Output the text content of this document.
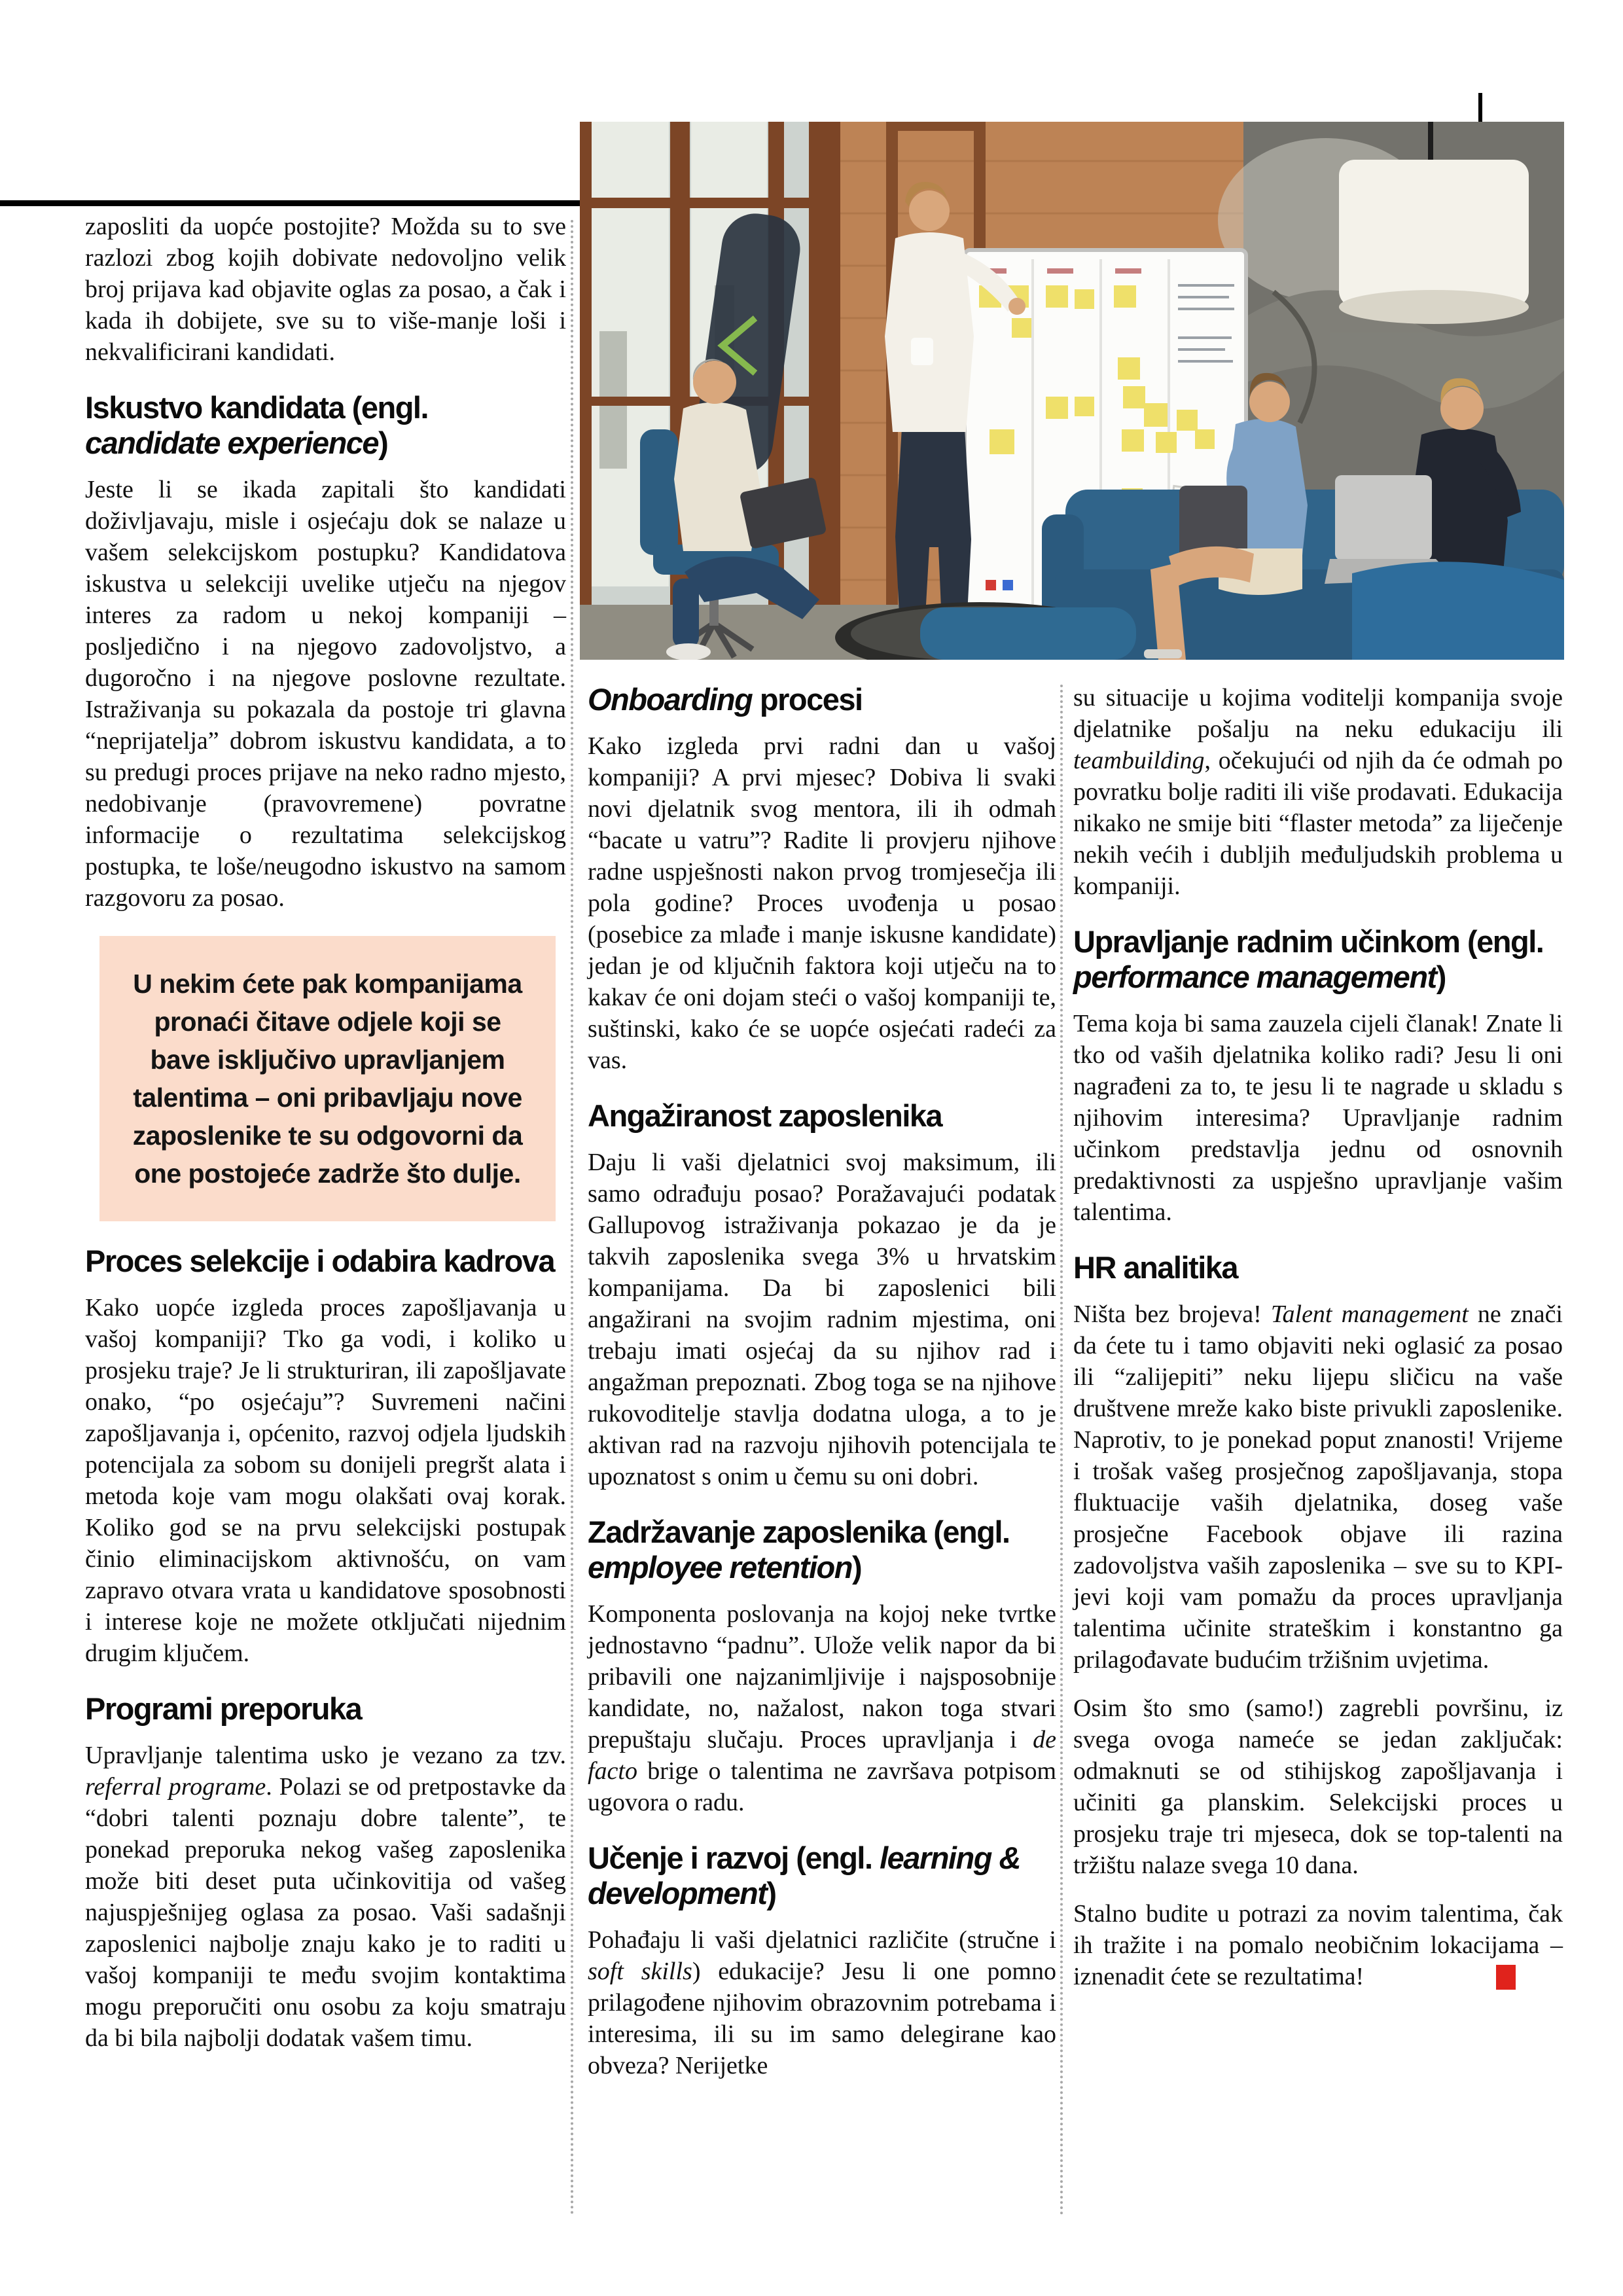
zaposliti da uopće postojite? Možda su to sve razlozi zbog kojih dobivate nedovoljno velik broj prijava kad objavite oglas za posao, a čak i kada ih dobijete, sve su to više-manje loši i nekvalificirani kandidati.

Iskustvo kandidata (engl. candidate experience)

Jeste li se ikada zapitali što kandidati doživljavaju, misle i osjećaju dok se nalaze u vašem selekcijskom postupku? Kandidatova iskustva u selekciji uvelike utječu na njegov interes za radom u nekoj kompaniji – posljedično i na njegovo zadovoljstvo, a dugoročno i na njegove poslovne rezultate. Istraživanja su pokazala da postoje tri glavna “neprijatelja” dobrom iskustvu kandidata, a to su predugi proces prijave na neko radno mjesto, nedobivanje (pravovremene) povratne informacije o rezultatima selekcijskog postupka, te loše/neugodno iskustvo na samom razgovoru za posao.

U nekim ćete pak kompanijama pronaći čitave odjele koji se bave isključivo upravljanjem talentima – oni pribavljaju nove zaposlenike te su odgovorni da one postojeće zadrže što dulje.
Proces selekcije i odabira kadrova

Kako uopće izgleda proces zapošljavanja u vašoj kompaniji? Tko ga vodi, i koliko u prosjeku traje? Je li strukturiran, ili zapošljavate onako, “po osjećaju”? Suvremeni načini zapošljavanja i, općenito, razvoj odjela ljudskih potencijala za sobom su donijeli pregršt alata i metoda koje vam mogu olakšati ovaj korak. Koliko god se na prvu selekcijski postupak činio eliminacijskom aktivnošću, on vam zapravo otvara vrata u kandidatove sposobnosti i interese koje ne možete otključati nijednim drugim ključem.

Programi preporuka

Upravljanje talentima usko je vezano za tzv. referral programe. Polazi se od pretpostavke da “dobri talenti poznaju dobre talente”, te ponekad preporuka nekog vašeg zaposlenika može biti deset puta učinkovitija od vašeg najuspješnijeg oglasa za posao. Vaši sadašnji zaposlenici najbolje znaju kako je to raditi u vašoj kompaniji te među svojim kontaktima mogu preporučiti onu osobu za koju smatraju da bi bila najbolji dodatak vašem timu.

Onboarding procesi

Kako izgleda prvi radni dan u vašoj kompaniji? A prvi mjesec? Dobiva li svaki novi djelatnik svog mentora, ili ih odmah “bacate u vatru”? Radite li provjeru njihove radne uspješnosti nakon prvog tromjesečja ili pola godine? Proces uvođenja u posao (posebice za mlađe i manje iskusne kandidate) jedan je od ključnih faktora koji utječu na to kakav će oni dojam steći o vašoj kompaniji te, suštinski, kako će se uopće osjećati radeći za vas.

Angažiranost zaposlenika

Daju li vaši djelatnici svoj maksimum, ili samo odrađuju posao? Poražavajući podatak Gallupovog istraživanja pokazao je da je takvih zaposlenika svega 3% u hrvatskim kompanijama. Da bi zaposlenici bili angažirani na svojim radnim mjestima, oni trebaju imati osjećaj da su njihov rad i angažman prepoznati. Zbog toga se na njihove rukovoditelje stavlja dodatna uloga, a to je aktivan rad na razvoju njihovih potencijala te upoznatost s onim u čemu su oni dobri.

Zadržavanje zaposlenika (engl. employee retention)

Komponenta poslovanja na kojoj neke tvrtke jednostavno “padnu”. Ulože velik napor da bi pribavili one najzanimljivije i najsposobnije kandidate, no, nažalost, nakon toga stvari prepuštaju slučaju. Proces upravljanja i de facto brige o talentima ne završava potpisom ugovora o radu.

Učenje i razvoj (engl. learning & development)

Pohađaju li vaši djelatnici različite (stručne i soft skills) edukacije? Jesu li one pomno prilagođene njihovim obrazovnim potrebama i interesima, ili su im samo delegirane kao obveza? Nerijetke

su situacije u kojima voditelji kompanija svoje djelatnike pošalju na neku edukaciju ili teambuilding, očekujući od njih da će odmah po povratku bolje raditi ili više prodavati. Edukacija nikako ne smije biti “flaster metoda” za liječenje nekih većih i dubljih međuljudskih problema u kompaniji.

Upravljanje radnim učinkom (engl. performance management)

Tema koja bi sama zauzela cijeli članak! Znate li tko od vaših djelatnika koliko radi? Jesu li oni nagrađeni za to, te jesu li te nagrade u skladu s njihovim interesima? Upravljanje radnim učinkom predstavlja jednu od osnovnih predaktivnosti za uspješno upravljanje vašim talentima.

HR analitika

Ništa bez brojeva! Talent management ne znači da ćete tu i tamo objaviti neki oglasić za posao ili “zalijepiti” neku lijepu sličicu na vaše društvene mreže kako biste privukli zaposlenike. Naprotiv, to je ponekad poput znanosti! Vrijeme i trošak vašeg prosječnog zapošljavanja, stopa fluktuacije vaših djelatnika, doseg vaše prosječne Facebook objave ili razina zadovoljstva vaših zaposlenika – sve su to KPI-jevi koji vam pomažu da proces upravljanja talentima učinite strateškim i konstantno ga prilagođavate budućim tržišnim uvjetima.

Osim što smo (samo!) zagrebli površinu, iz svega ovoga nameće se jedan zaključak: odmaknuti se od stihijskog zapošljavanja i učiniti ga planskim. Selekcijski proces u prosjeku traje tri mjeseca, dok se top-talenti na tržištu nalaze svega 10 dana.

Stalno budite u potrazi za novim talentima, čak ih tražite i na pomalo neobičnim lokacijama – iznenadit ćete se rezultatima!
